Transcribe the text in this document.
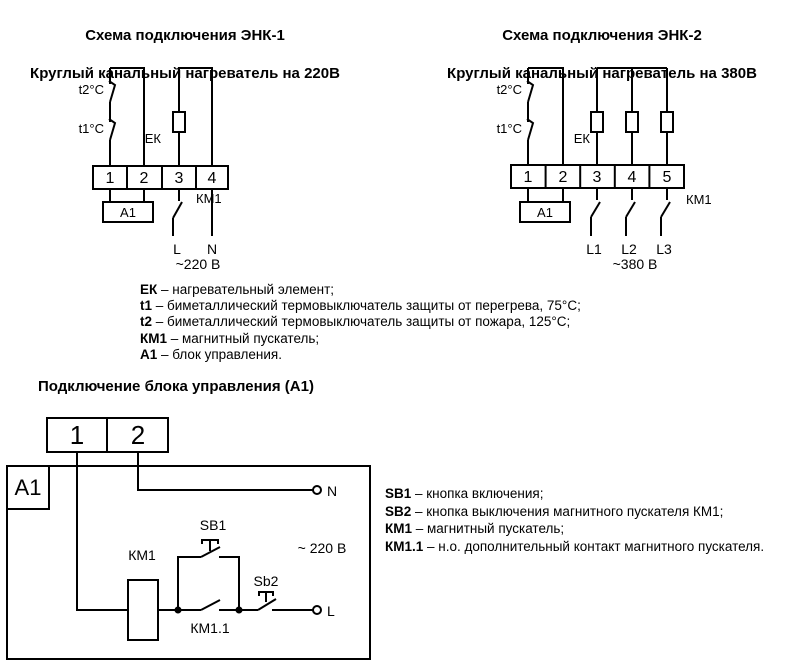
1 2 3 4
А1
t2°C
t1°C
ЕК
КМ1
L N
~220 В
1 2 3 4 5
А1
t2°C
t1°C
ЕК
КМ1
L1 L2 L3
~380 В
1 2
А1	N
L
КМ1
SB1
Sb2
КМ1.1
~ 220 В

Схема подключения ЭНК-1

Круглый канальный нагреватель на 220В

Схема подключения ЭНК-2

Круглый канальный нагреватель на 380В

ЕК – нагревательный элемент;
t1 – биметаллический термовыключатель защиты от перегрева, 75°С;
t2 – биметаллический термовыключатель защиты от пожара, 125°С;
КМ1 – магнитный пускатель;
А1 – блок управления.
Подключение блока управления (А1)
SB1 – кнопка включения;
SB2 – кнопка выключения магнитного пускателя КМ1;
КМ1 – магнитный пускатель;
КМ1.1 – н.о. дополнительный контакт магнитного пускателя.
